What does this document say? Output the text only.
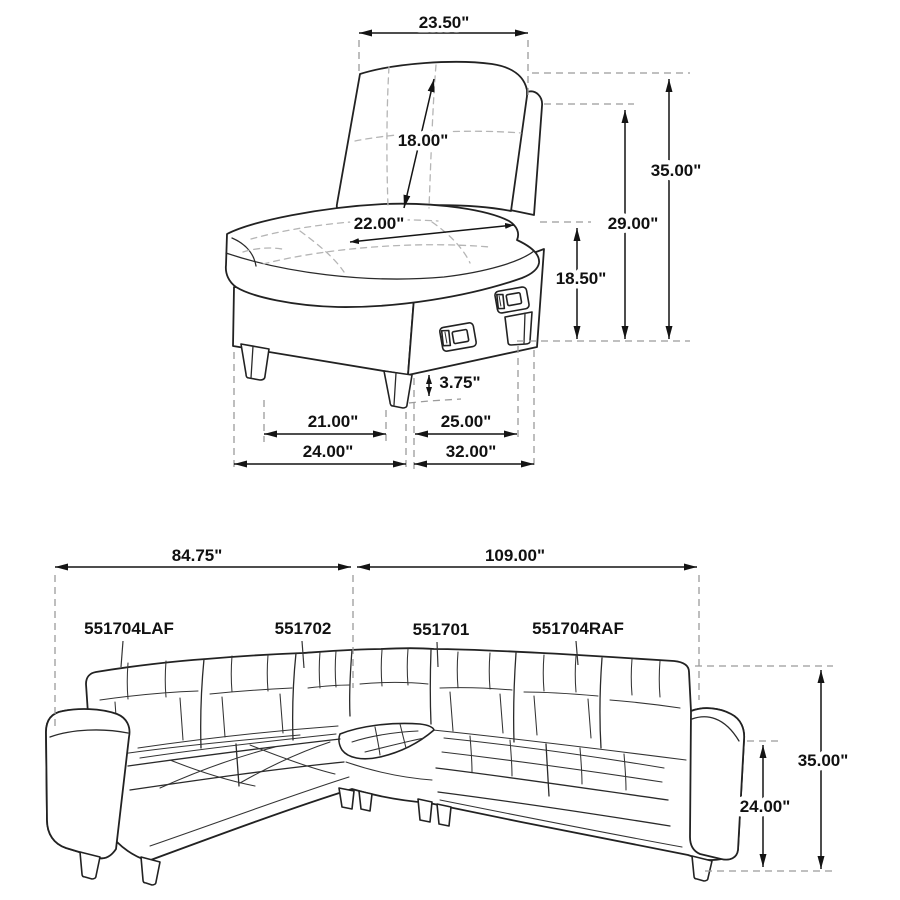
23.50"
18.00"
22.00"
35.00"
29.00"
18.50"
3.75"
21.00"	25.00"
24.00"	32.00"
84.75"	109.00"
551704LAF	551702	551701	551704RAF
35.00"
24.00"
